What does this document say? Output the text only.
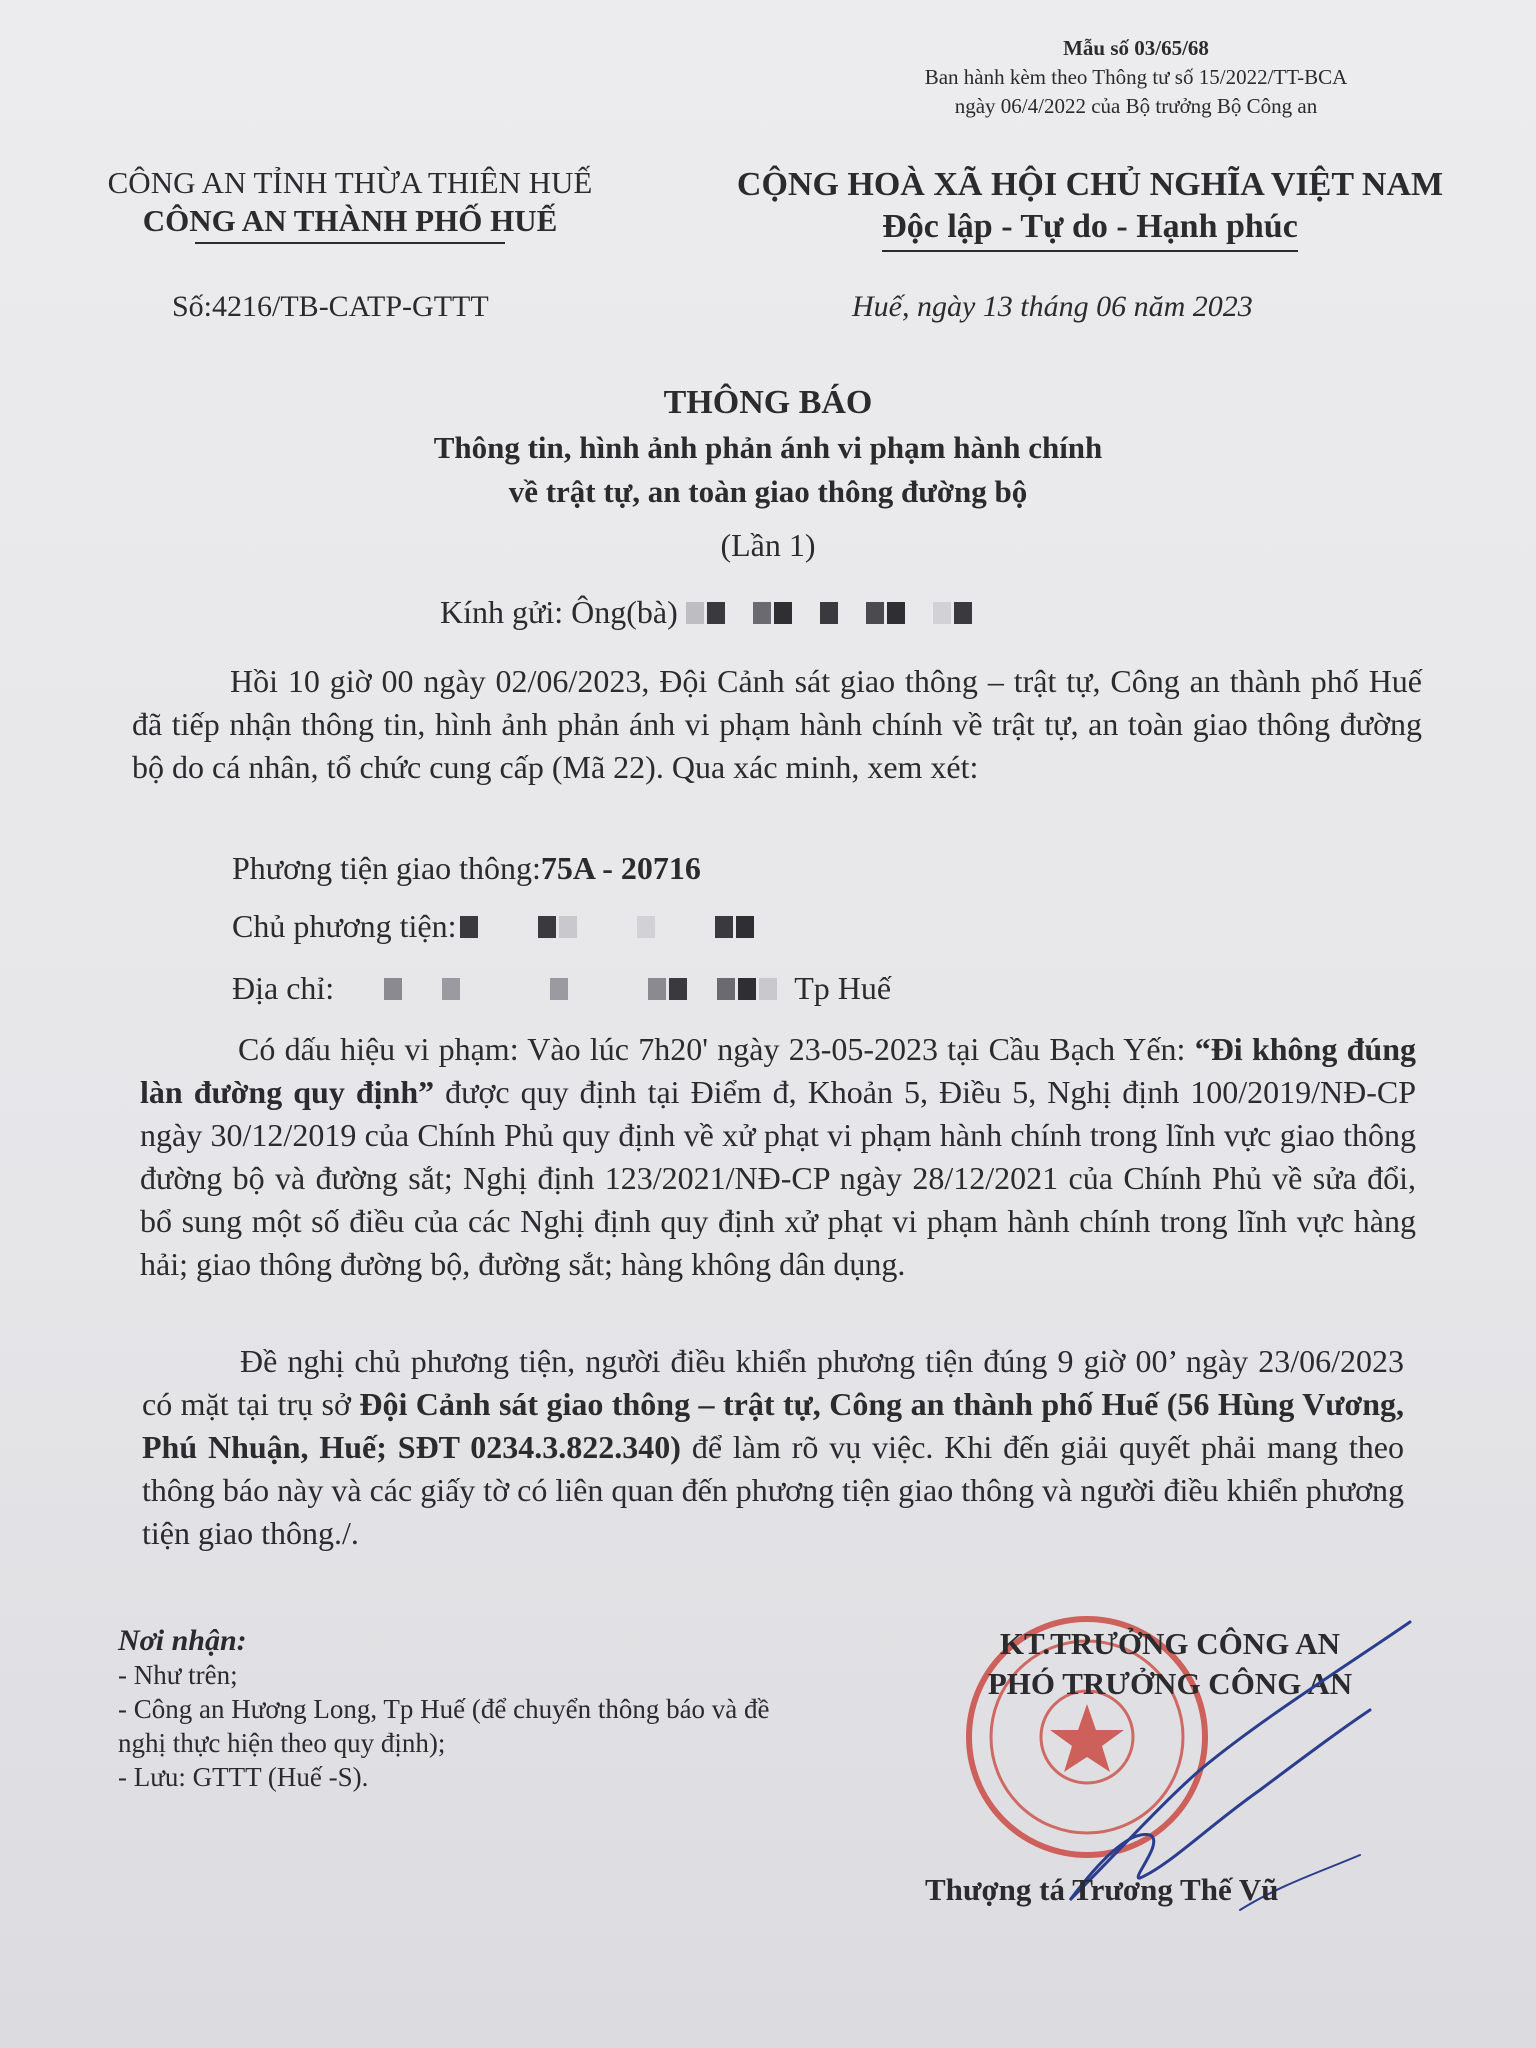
Mẫu số 03/65/68
Ban hành kèm theo Thông tư số 15/2022/TT-BCA
ngày 06/4/2022 của Bộ trưởng Bộ Công an
CÔNG AN TỈNH THỪA THIÊN HUẾ
CÔNG AN THÀNH PHỐ HUẾ
CỘNG HOÀ XÃ HỘI CHỦ NGHĨA VIỆT NAM
Độc lập - Tự do - Hạnh phúc
Số:4216/TB-CATP-GTTT	Huế, ngày 13 tháng 06 năm 2023
THÔNG BÁO
Thông tin, hình ảnh phản ánh vi phạm hành chính
về trật tự, an toàn giao thông đường bộ
(Lần 1)
Kính gửi: Ông(bà)
Hồi 10 giờ 00 ngày 02/06/2023, Đội Cảnh sát giao thông – trật tự, Công an thành phố Huế đã tiếp nhận thông tin, hình ảnh phản ánh vi phạm hành chính về trật tự, an toàn giao thông đường bộ do cá nhân, tổ chức cung cấp (Mã 22). Qua xác minh, xem xét:
Phương tiện giao thông: 75A - 20716
Chủ phương tiện:
Địa chỉ:	Tp Huế
Có dấu hiệu vi phạm: Vào lúc 7h20' ngày 23-05-2023 tại Cầu Bạch Yến: “Đi không đúng làn đường quy định” được quy định tại Điểm đ, Khoản 5, Điều 5, Nghị định 100/2019/NĐ-CP ngày 30/12/2019 của Chính Phủ quy định về xử phạt vi phạm hành chính trong lĩnh vực giao thông đường bộ và đường sắt; Nghị định 123/2021/NĐ-CP ngày 28/12/2021 của Chính Phủ về sửa đổi, bổ sung một số điều của các Nghị định quy định xử phạt vi phạm hành chính trong lĩnh vực hàng hải; giao thông đường bộ, đường sắt; hàng không dân dụng.
Đề nghị chủ phương tiện, người điều khiển phương tiện đúng 9 giờ 00’ ngày 23/06/2023 có mặt tại trụ sở Đội Cảnh sát giao thông – trật tự, Công an thành phố Huế (56 Hùng Vương, Phú Nhuận, Huế; SĐT 0234.3.822.340) để làm rõ vụ việc. Khi đến giải quyết phải mang theo thông báo này và các giấy tờ có liên quan đến phương tiện giao thông và người điều khiển phương tiện giao thông./.
Nơi nhận:
- Như trên;
- Công an Hương Long, Tp Huế (để chuyển thông báo và đề nghị thực hiện theo quy định);
- Lưu: GTTT (Huế -S).
KT.TRƯỞNG CÔNG AN
PHÓ TRƯỞNG CÔNG AN
Thượng tá Trương Thế Vũ
